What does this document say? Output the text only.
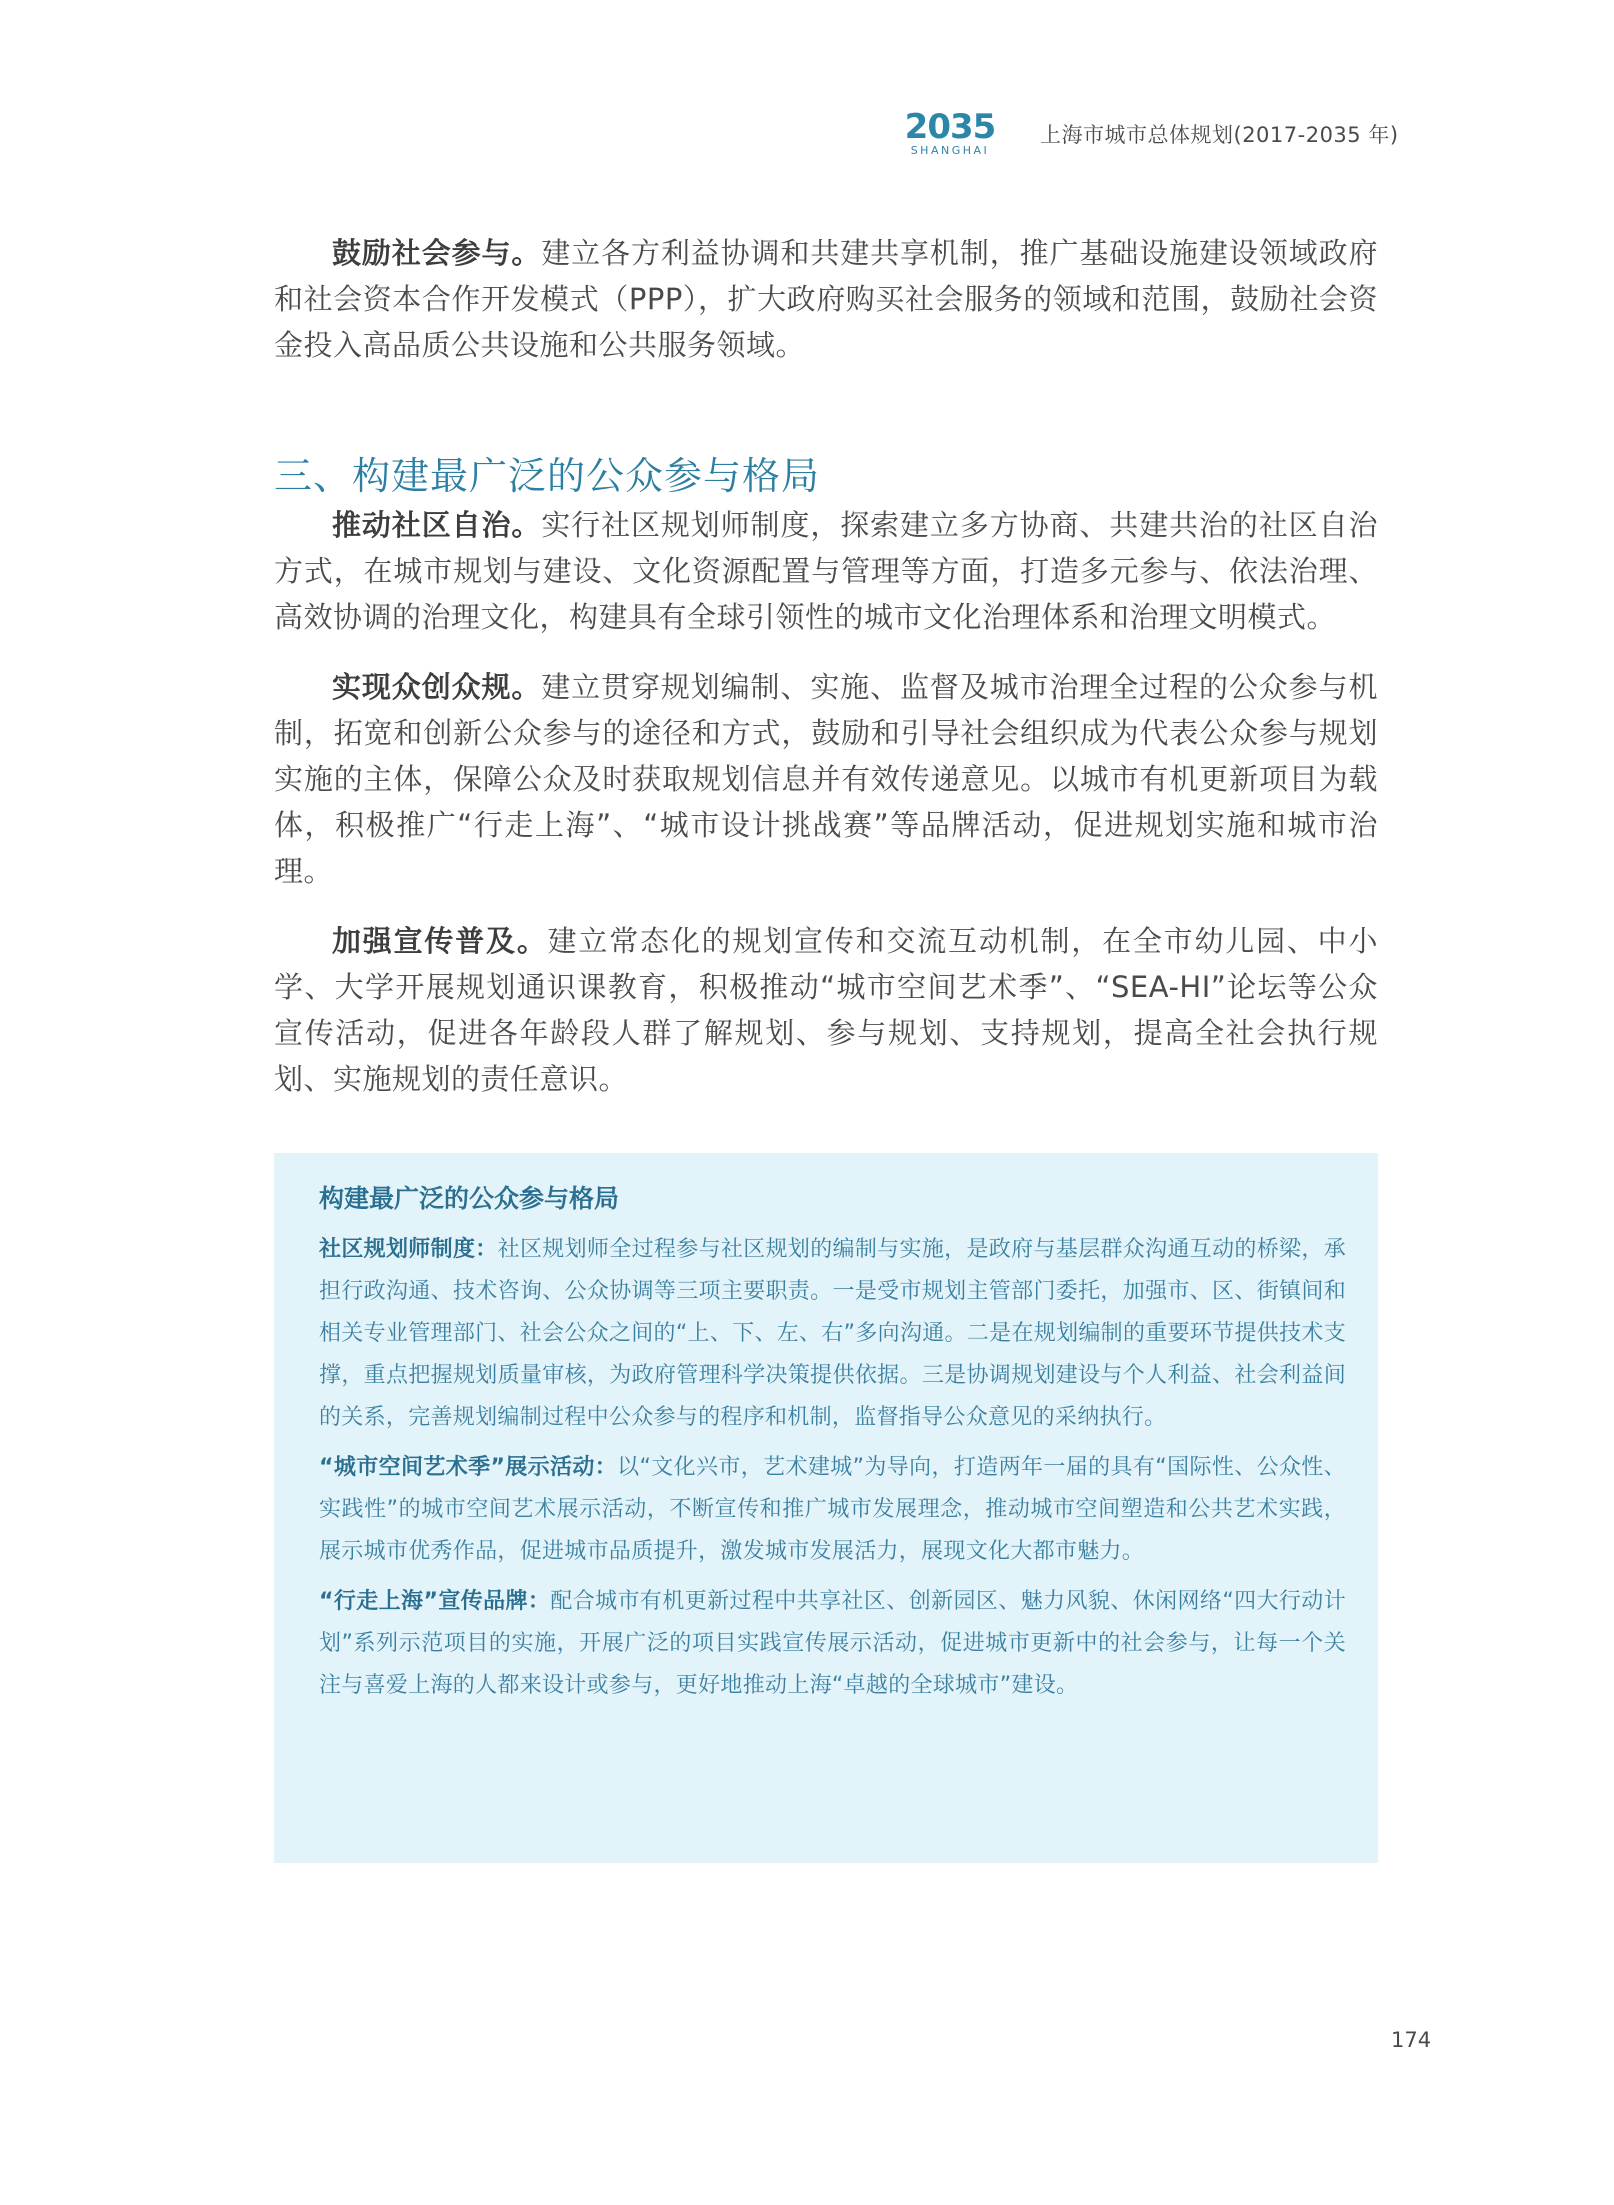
2035
SHANGHAI
上海市城市总体规划(2017-2035 年)

鼓励社会参与。建立各方利益协调和共建共享机制，推广基础设施建设领域政府和社会资本合作开发模式（PPP），扩大政府购买社会服务的领域和范围，鼓励社会资金投入高品质公共设施和公共服务领域。

三、构建最广泛的公众参与格局

推动社区自治。实行社区规划师制度，探索建立多方协商、共建共治的社区自治方式，在城市规划与建设、文化资源配置与管理等方面，打造多元参与、依法治理、高效协调的治理文化，构建具有全球引领性的城市文化治理体系和治理文明模式。

实现众创众规。建立贯穿规划编制、实施、监督及城市治理全过程的公众参与机制，拓宽和创新公众参与的途径和方式，鼓励和引导社会组织成为代表公众参与规划实施的主体，保障公众及时获取规划信息并有效传递意见。以城市有机更新项目为载体，积极推广“行走上海”、“城市设计挑战赛”等品牌活动，促进规划实施和城市治理。

加强宣传普及。建立常态化的规划宣传和交流互动机制，在全市幼儿园、中小学、大学开展规划通识课教育，积极推动“城市空间艺术季”、“SEA-HI”论坛等公众宣传活动，促进各年龄段人群了解规划、参与规划、支持规划，提高全社会执行规划、实施规划的责任意识。

构建最广泛的公众参与格局

社区规划师制度：社区规划师全过程参与社区规划的编制与实施，是政府与基层群众沟通互动的桥梁，承担行政沟通、技术咨询、公众协调等三项主要职责。一是受市规划主管部门委托，加强市、区、街镇间和相关专业管理部门、社会公众之间的“上、下、左、右”多向沟通。二是在规划编制的重要环节提供技术支撑，重点把握规划质量审核，为政府管理科学决策提供依据。三是协调规划建设与个人利益、社会利益间的关系，完善规划编制过程中公众参与的程序和机制，监督指导公众意见的采纳执行。

“城市空间艺术季”展示活动：以“文化兴市，艺术建城”为导向，打造两年一届的具有“国际性、公众性、实践性”的城市空间艺术展示活动，不断宣传和推广城市发展理念，推动城市空间塑造和公共艺术实践，展示城市优秀作品，促进城市品质提升，激发城市发展活力，展现文化大都市魅力。

“行走上海”宣传品牌：配合城市有机更新过程中共享社区、创新园区、魅力风貌、休闲网络“四大行动计划”系列示范项目的实施，开展广泛的项目实践宣传展示活动，促进城市更新中的社会参与，让每一个关注与喜爱上海的人都来设计或参与，更好地推动上海“卓越的全球城市”建设。

174
